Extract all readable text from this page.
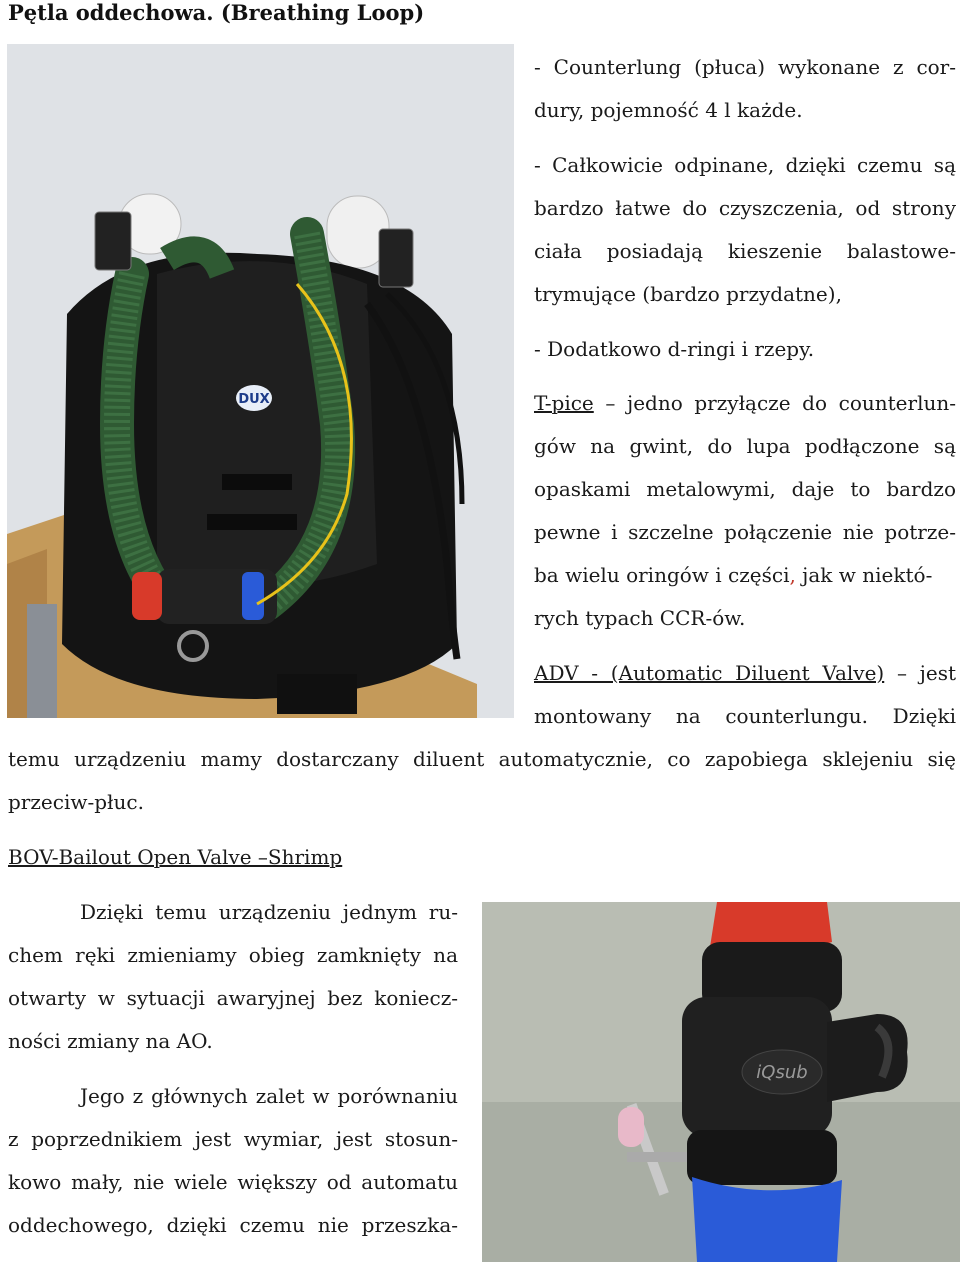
Pętla oddechowa. (Breathing Loop)
DUX
- Counterlung (płuca) wykonane z cor-
dury, pojemność 4 l każde.
- Całkowicie odpinane, dzięki czemu są
bardzo łatwe do czyszczenia, od strony
ciała posiadają kieszenie balastowe-
trymujące (bardzo przydatne),
- Dodatkowo d-ringi i rzepy.
T-pice – jedno przyłącze do counterlun-
gów na gwint, do lupa podłączone są
opaskami metalowymi, daje to bardzo
pewne i szczelne połączenie nie potrze-
ba wielu oringów i części, jak w niektó-
rych typach CCR-ów.
ADV - (Automatic Diluent Valve) – jest
montowany na counterlungu. Dzięki
temu urządzeniu mamy dostarczany diluent automatycznie, co zapobiega sklejeniu się
przeciw-płuc.
BOV-Bailout Open Valve –Shrimp
Dzięki temu urządzeniu jednym ru-
chem ręki zmieniamy obieg zamknięty na
otwarty w sytuacji awaryjnej bez koniecz-
ności zmiany na AO.
Jego z głównych zalet w porównaniu
z poprzednikiem jest wymiar, jest stosun-
kowo mały, nie wiele większy od automatu
oddechowego, dzięki czemu nie przeszka-
iQsub
